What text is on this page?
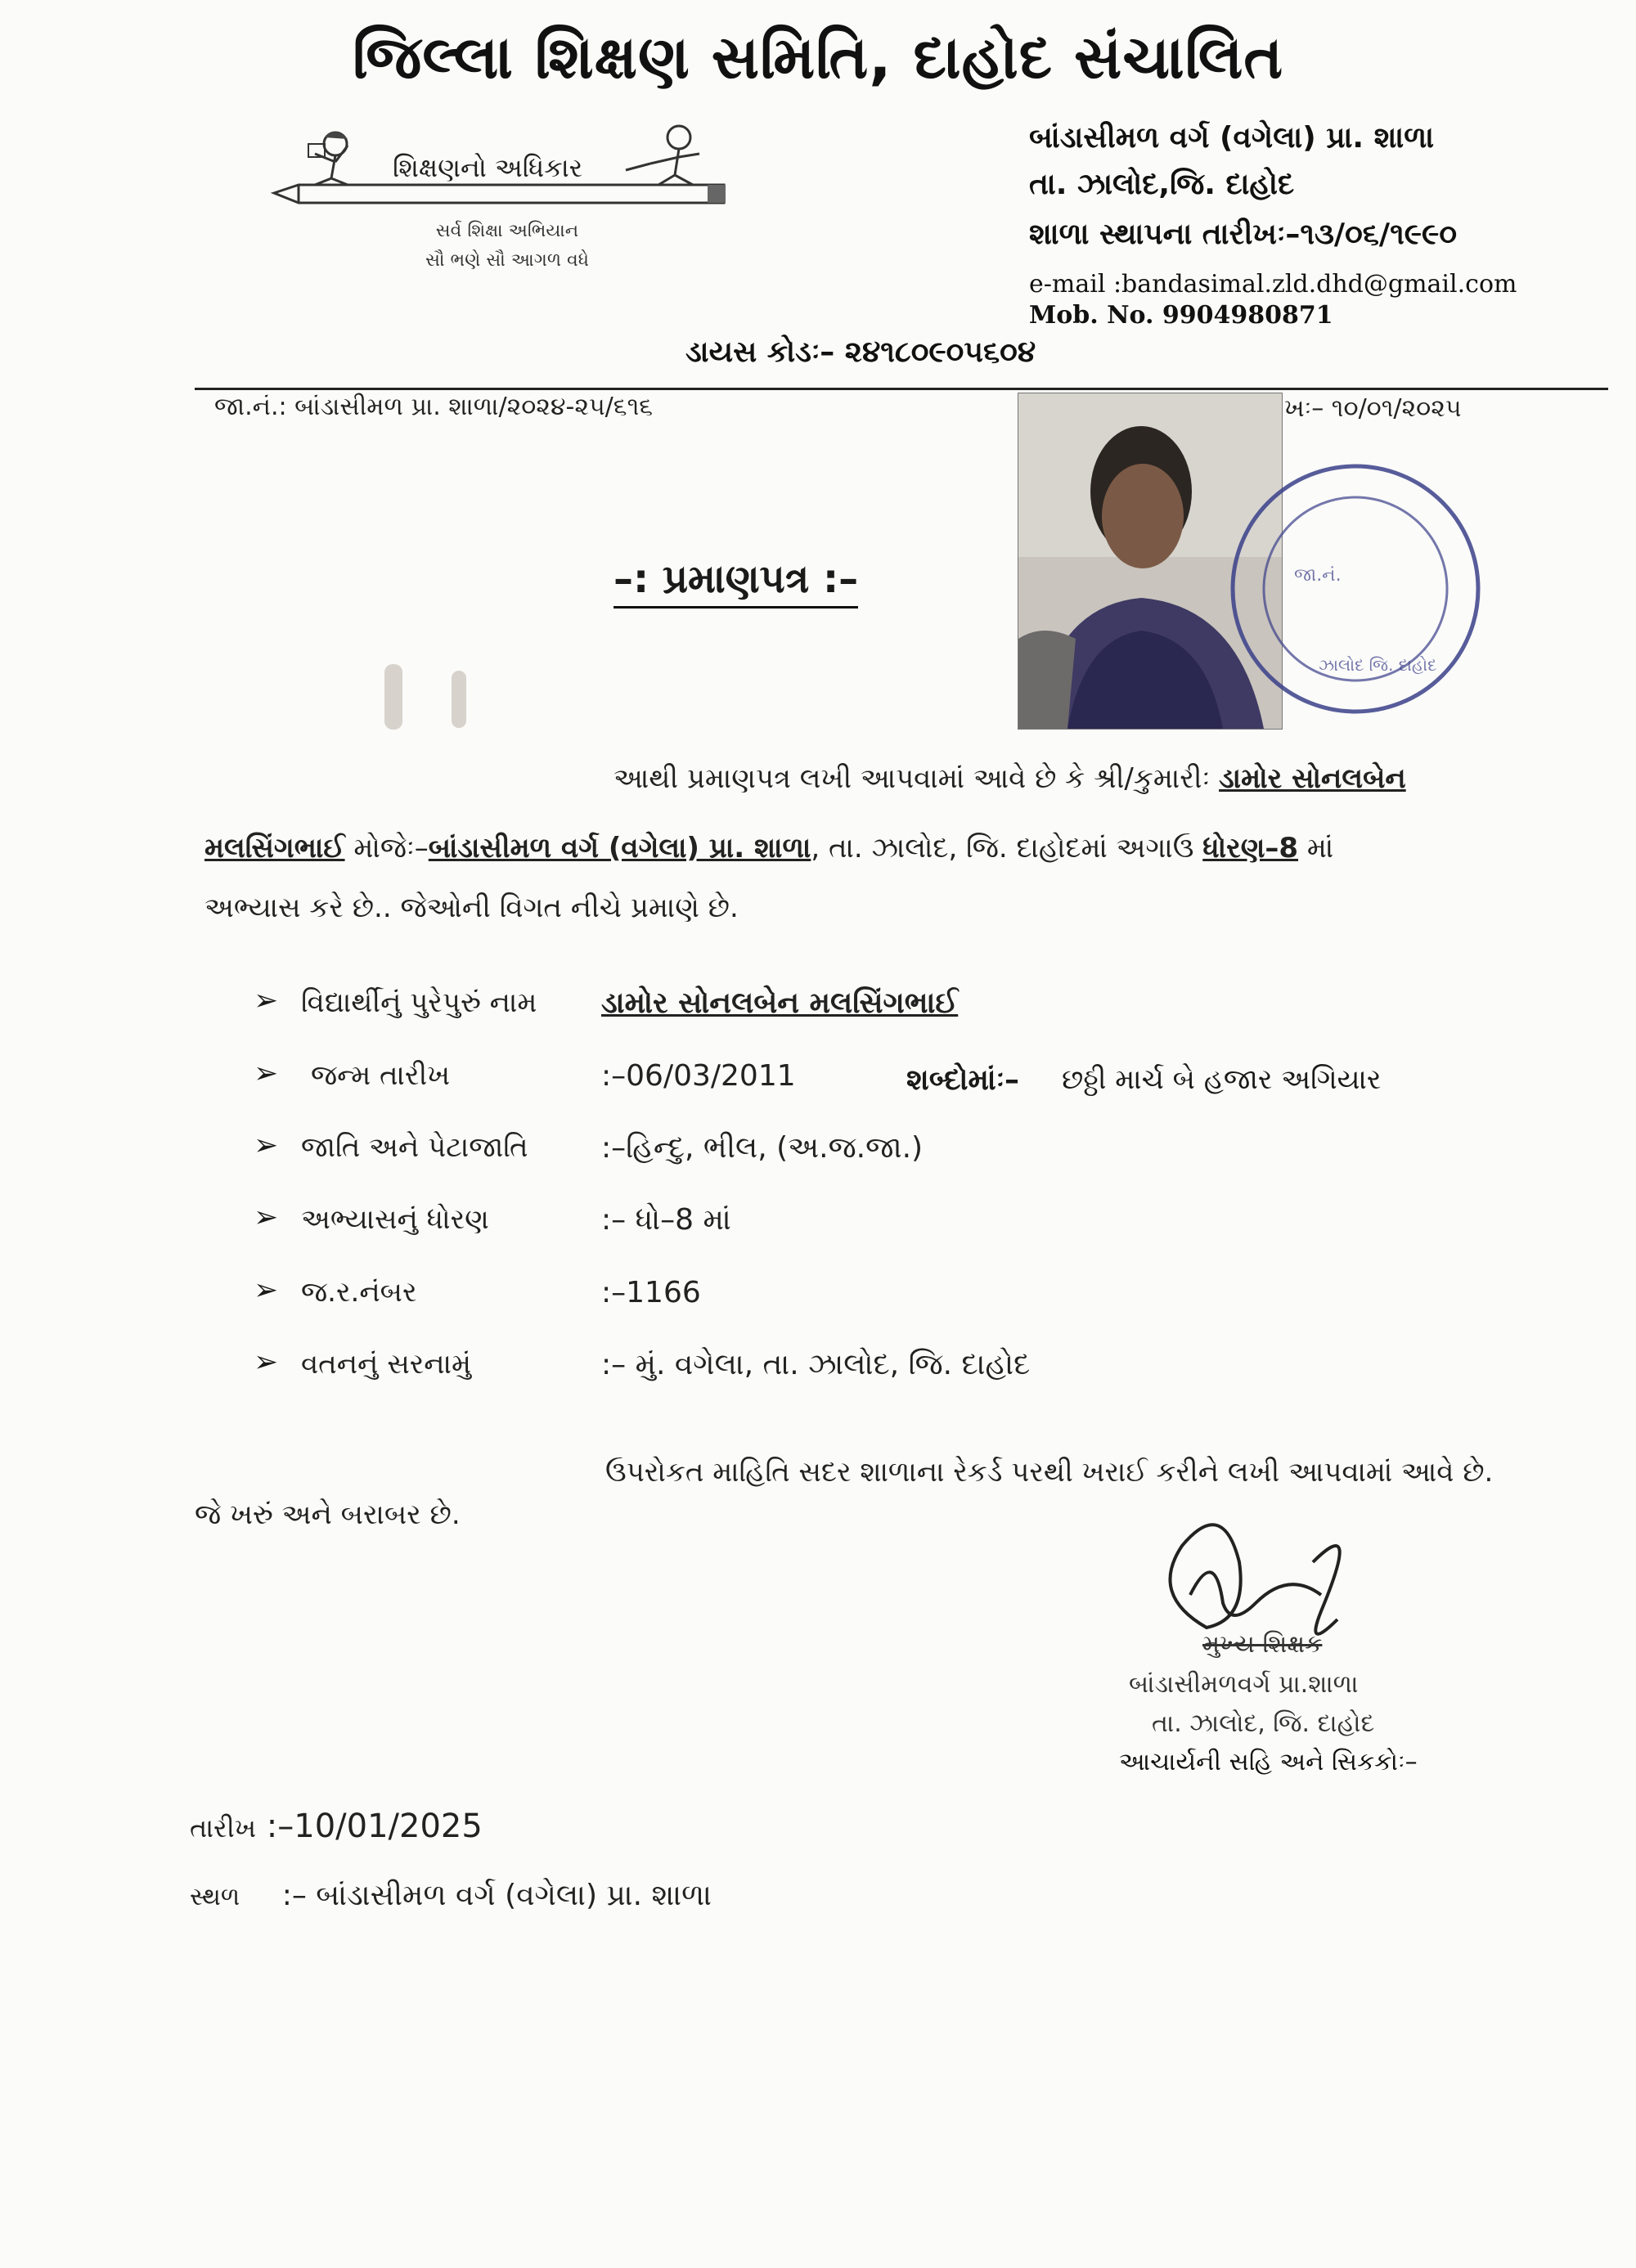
જિલ્લા શિક્ષણ સમિતિ, દાહોદ સંચાલિત
શિક્ષણનો અધિકાર
સર્વ શિક્ષા અભિયાન
સૌ ભણે સૌ આગળ વધે
બાંડાસીમળ વર્ગ (વગેલા) પ્રા. શાળા
તા. ઝાલોદ,જિ. દાહોદ
શાળા સ્થાપના તારીખઃ–૧૩/૦૬/૧૯૯૦
e-mail :bandasimal.zld.dhd@gmail.com
Mob. No. 9904980871
ડાયસ કોડઃ– ૨૪૧૮૦૯૦૫૬૦૪
જા.નં.: બાંડાસીમળ પ્રા. શાળા/૨૦૨૪-૨૫/૬૧૬	ખઃ– ૧૦/૦૧/૨૦૨૫
જા.નં.
ઝાલોદ જિ. દાહોદ
–: પ્રમાણપત્ર :–
આથી પ્રમાણપત્ર લખી આપવામાં આવે છે કે શ્રી/કુમારીઃ ડામોર સોનલબેન
મલસિંગભાઈ મોજેઃ–બાંડાસીમળ વર્ગ (વગેલા) પ્રા. શાળા, તા. ઝાલોદ, જિ. દાહોદમાં અગાઉ ધોરણ–8 માં
અભ્યાસ કરે છે.. જેઓની વિગત નીચે પ્રમાણે છે.
➢ વિદ્યાર્થીનું પુરેપુરું નામ ડામોર સોનલબેન મલસિંગભાઈ
➢ જન્મ તારીખ	:–06/03/2011	શબ્દોમાંઃ– છઠ્ઠી માર્ચ બે હજાર અગિયાર
➢ જાતિ અને પેટાજાતિ :–હિન્દુ, ભીલ, (અ.જ.જા.)
➢ અભ્યાસનું ધોરણ	:– ધો–8 માં
➢ જ.ર.નંબર	:–1166
➢ વતનનું સરનામું	:– મું. વગેલા, તા. ઝાલોદ, જિ. દાહોદ
ઉપરોકત માહિતિ સદર શાળાના રેકર્ડ પરથી ખરાઈ કરીને લખી આપવામાં આવે છે.
જે ખરું અને બરાબર છે.
મુખ્ય શિક્ષક
બાંડાસીમળવર્ગ પ્રા.શાળા
તા. ઝાલોદ, જિ. દાહોદ
આચાર્યની સહિ અને સિકકોઃ–
તારીખ :–10/01/2025
સ્થળ :– બાંડાસીમળ વર્ગ (વગેલા) પ્રા. શાળા
